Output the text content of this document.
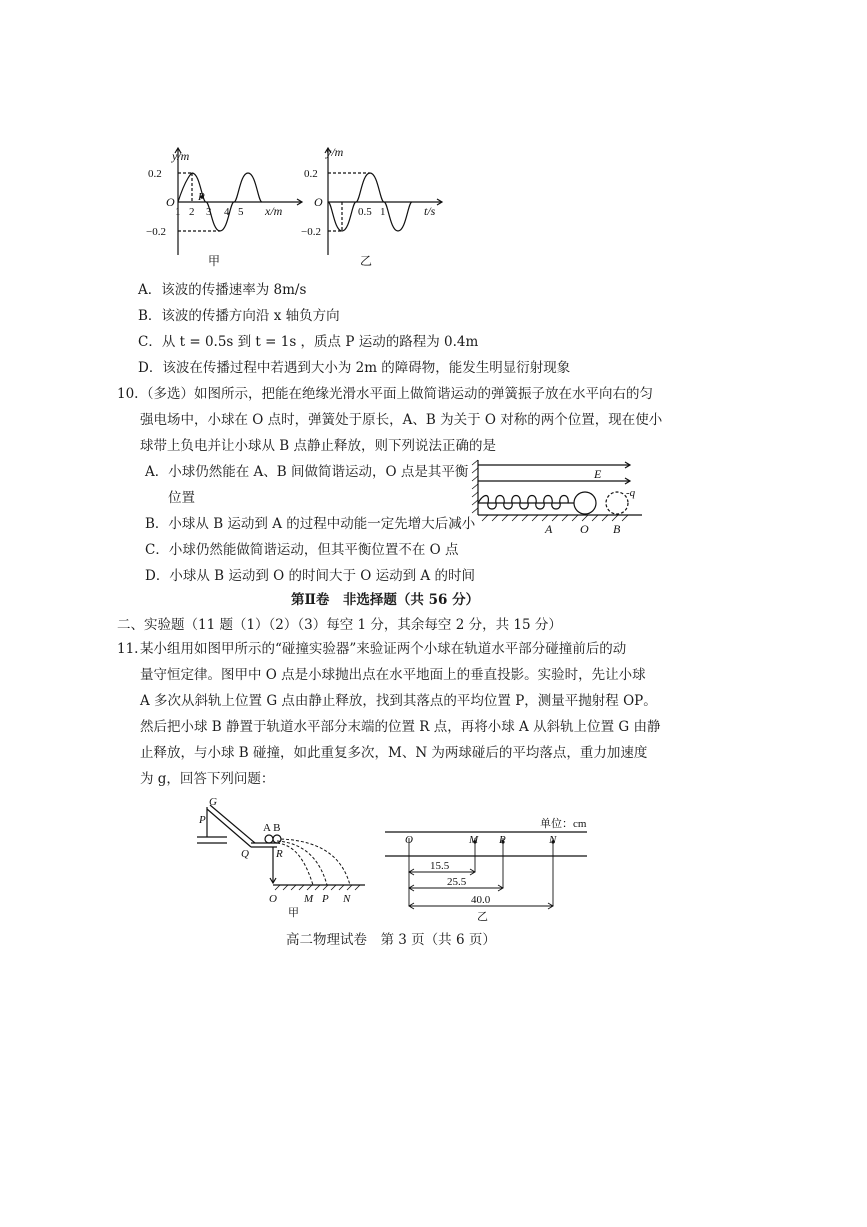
y/m
0.2
−0.2
O
1 2 3 4 5
P
x/m
甲
y/m
0.2
−0.2
O
0.5 1	t/s
乙
A．该波的传播速率为 8m/s
B．该波的传播方向沿 x 轴负方向
C．从 t = 0.5s 到 t = 1s ，质点 P 运动的路程为 0.4m
D．该波在传播过程中若遇到大小为 2m 的障碍物，能发生明显衍射现象
10. （多选）如图所示，把能在绝缘光滑水平面上做简谐运动的弹簧振子放在水平向右的匀
强电场中，小球在 O 点时，弹簧处于原长，A、B 为关于 O 对称的两个位置，现在使小
球带上负电并让小球从 B 点静止释放，则下列说法正确的是
A．小球仍然能在 A、B 间做简谐运动，O 点是其平衡
位置
B．小球从 B 运动到 A 的过程中动能一定先增大后减小
C．小球仍然能做简谐运动，但其平衡位置不在 O 点
D．小球从 B 运动到 O 的时间大于 O 运动到 A 的时间
E
-q
A O B
第Ⅱ卷　非选择题（共 56 分）
二、实验题（11 题（1）（2）（3）每空 1 分，其余每空 2 分，共 15 分）
11. 某小组用如图甲所示的“碰撞实验器”来验证两个小球在轨道水平部分碰撞前后的动
量守恒定律。图甲中 O 点是小球抛出点在水平地面上的垂直投影。实验时，先让小球
A 多次从斜轨上位置 G 点由静止释放，找到其落点的平均位置 P，测量平抛射程 OP。
然后把小球 B 静置于轨道水平部分末端的位置 R 点，再将小球 A 从斜轨上位置 G 由静
止释放，与小球 B 碰撞，如此重复多次，M、N 为两球碰后的平均落点，重力加速度
为 g，回答下列问题：
G
P
Q
A B
R
O M P N
甲
单位：cm
O	M P	N
15.5
25.5
40.0
乙
高二物理试卷　第 3 页（共 6 页）
